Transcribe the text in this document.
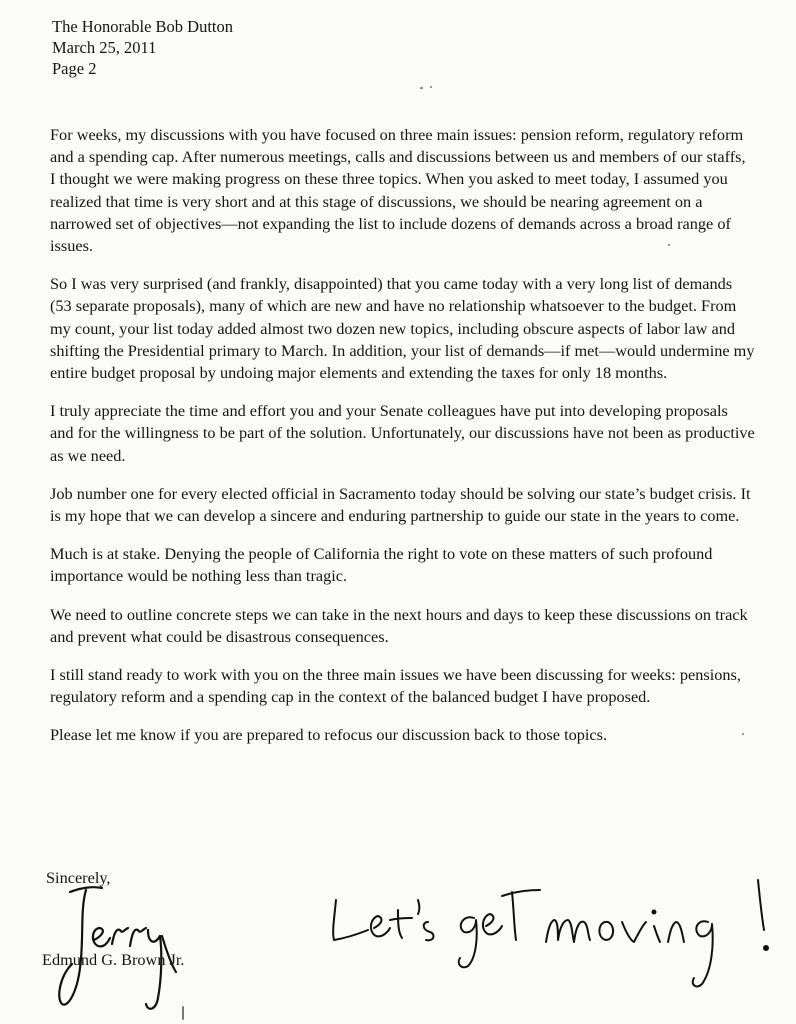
The Honorable Bob Dutton
March 25, 2011
Page 2

For weeks, my discussions with you have focused on three main issues: pension reform, regulatory reform and a spending cap. After numerous meetings, calls and discussions between us and members of our staffs, I thought we were making progress on these three topics. When you asked to meet today, I assumed you realized that time is very short and at this stage of discussions, we should be nearing agreement on a narrowed set of objectives—not expanding the list to include dozens of demands across a broad range of issues.

So I was very surprised (and frankly, disappointed) that you came today with a very long list of demands (53 separate proposals), many of which are new and have no relationship whatsoever to the budget. From my count, your list today added almost two dozen new topics, including obscure aspects of labor law and shifting the Presidential primary to March. In addition, your list of demands—if met—would undermine my entire budget proposal by undoing major elements and extending the taxes for only 18 months.

I truly appreciate the time and effort you and your Senate colleagues have put into developing proposals and for the willingness to be part of the solution. Unfortunately, our discussions have not been as productive as we need.

Job number one for every elected official in Sacramento today should be solving our state’s budget crisis. It is my hope that we can develop a sincere and enduring partnership to guide our state in the years to come.

Much is at stake. Denying the people of California the right to vote on these matters of such profound importance would be nothing less than tragic.

We need to outline concrete steps we can take in the next hours and days to keep these discussions on track and prevent what could be disastrous consequences.

I still stand ready to work with you on the three main issues we have been discussing for weeks: pensions, regulatory reform and a spending cap in the context of the balanced budget I have proposed.

Please let me know if you are prepared to refocus our discussion back to those topics.

Sincerely,
Edmund G. Brown Jr.
